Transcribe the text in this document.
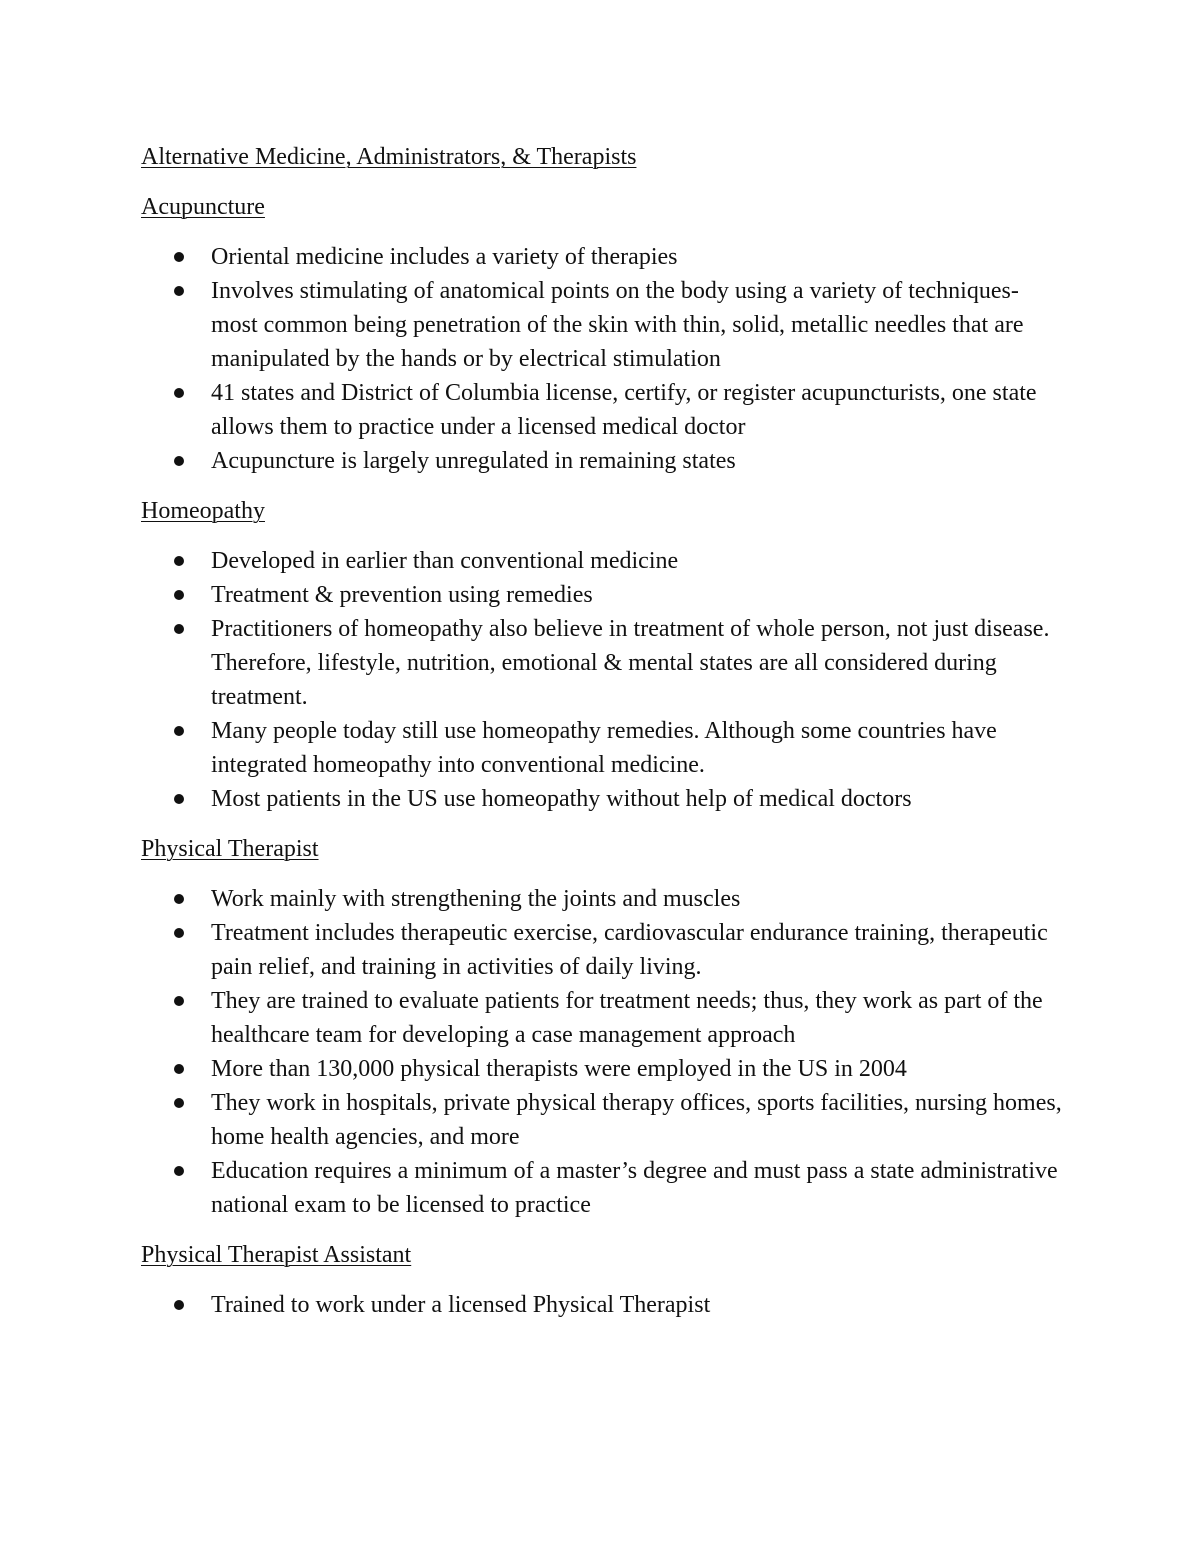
Alternative Medicine, Administrators, & Therapists
Acupuncture
Oriental medicine includes a variety of therapies
Involves stimulating of anatomical points on the body using a variety of techniques- most common being penetration of the skin with thin, solid, metallic needles that are manipulated by the hands or by electrical stimulation
41 states and District of Columbia license, certify, or register acupuncturists, one state allows them to practice under a licensed medical doctor
Acupuncture is largely unregulated in remaining states
Homeopathy
Developed in earlier than conventional medicine
Treatment & prevention using remedies
Practitioners of homeopathy also believe in treatment of whole person, not just disease. Therefore, lifestyle, nutrition, emotional & mental states are all considered during treatment.
Many people today still use homeopathy remedies. Although some countries have integrated homeopathy into conventional medicine.
Most patients in the US use homeopathy without help of medical doctors
Physical Therapist
Work mainly with strengthening the joints and muscles
Treatment includes therapeutic exercise, cardiovascular endurance training, therapeutic pain relief, and training in activities of daily living.
They are trained to evaluate patients for treatment needs; thus, they work as part of the healthcare team for developing a case management approach
More than 130,000 physical therapists were employed in the US in 2004
They work in hospitals, private physical therapy offices, sports facilities, nursing homes, home health agencies, and more
Education requires a minimum of a master’s degree and must pass a state administrative national exam to be licensed to practice
Physical Therapist Assistant
Trained to work under a licensed Physical Therapist
